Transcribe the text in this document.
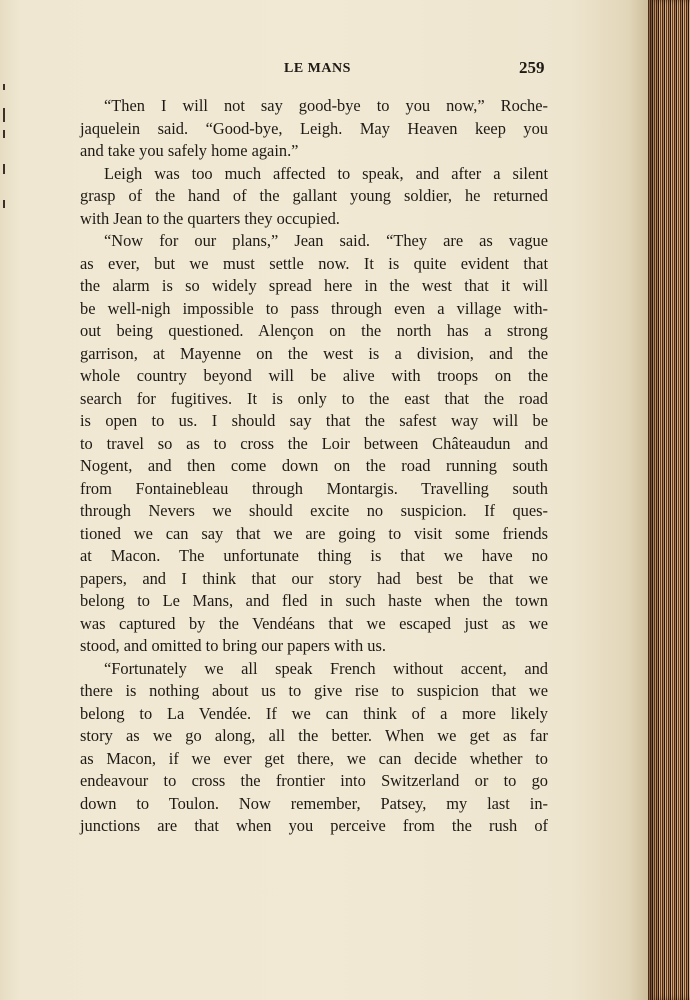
LE MANS	259
“Then I will not say good-bye to you now,” Roche-
jaquelein said. “Good-bye, Leigh. May Heaven keep you
and take you safely home again.”
Leigh was too much affected to speak, and after a silent
grasp of the hand of the gallant young soldier, he returned
with Jean to the quarters they occupied.
“Now for our plans,” Jean said. “They are as vague
as ever, but we must settle now. It is quite evident that
the alarm is so widely spread here in the west that it will
be well-nigh impossible to pass through even a village with-
out being questioned. Alençon on the north has a strong
garrison, at Mayenne on the west is a division, and the
whole country beyond will be alive with troops on the
search for fugitives. It is only to the east that the road
is open to us. I should say that the safest way will be
to travel so as to cross the Loir between Châteaudun and
Nogent, and then come down on the road running south
from Fontainebleau through Montargis. Travelling south
through Nevers we should excite no suspicion. If ques-
tioned we can say that we are going to visit some friends
at Macon. The unfortunate thing is that we have no
papers, and I think that our story had best be that we
belong to Le Mans, and fled in such haste when the town
was captured by the Vendéans that we escaped just as we
stood, and omitted to bring our papers with us.
“Fortunately we all speak French without accent, and
there is nothing about us to give rise to suspicion that we
belong to La Vendée. If we can think of a more likely
story as we go along, all the better. When we get as far
as Macon, if we ever get there, we can decide whether to
endeavour to cross the frontier into Switzerland or to go
down to Toulon. Now remember, Patsey, my last in-
junctions are that when you perceive from the rush of
